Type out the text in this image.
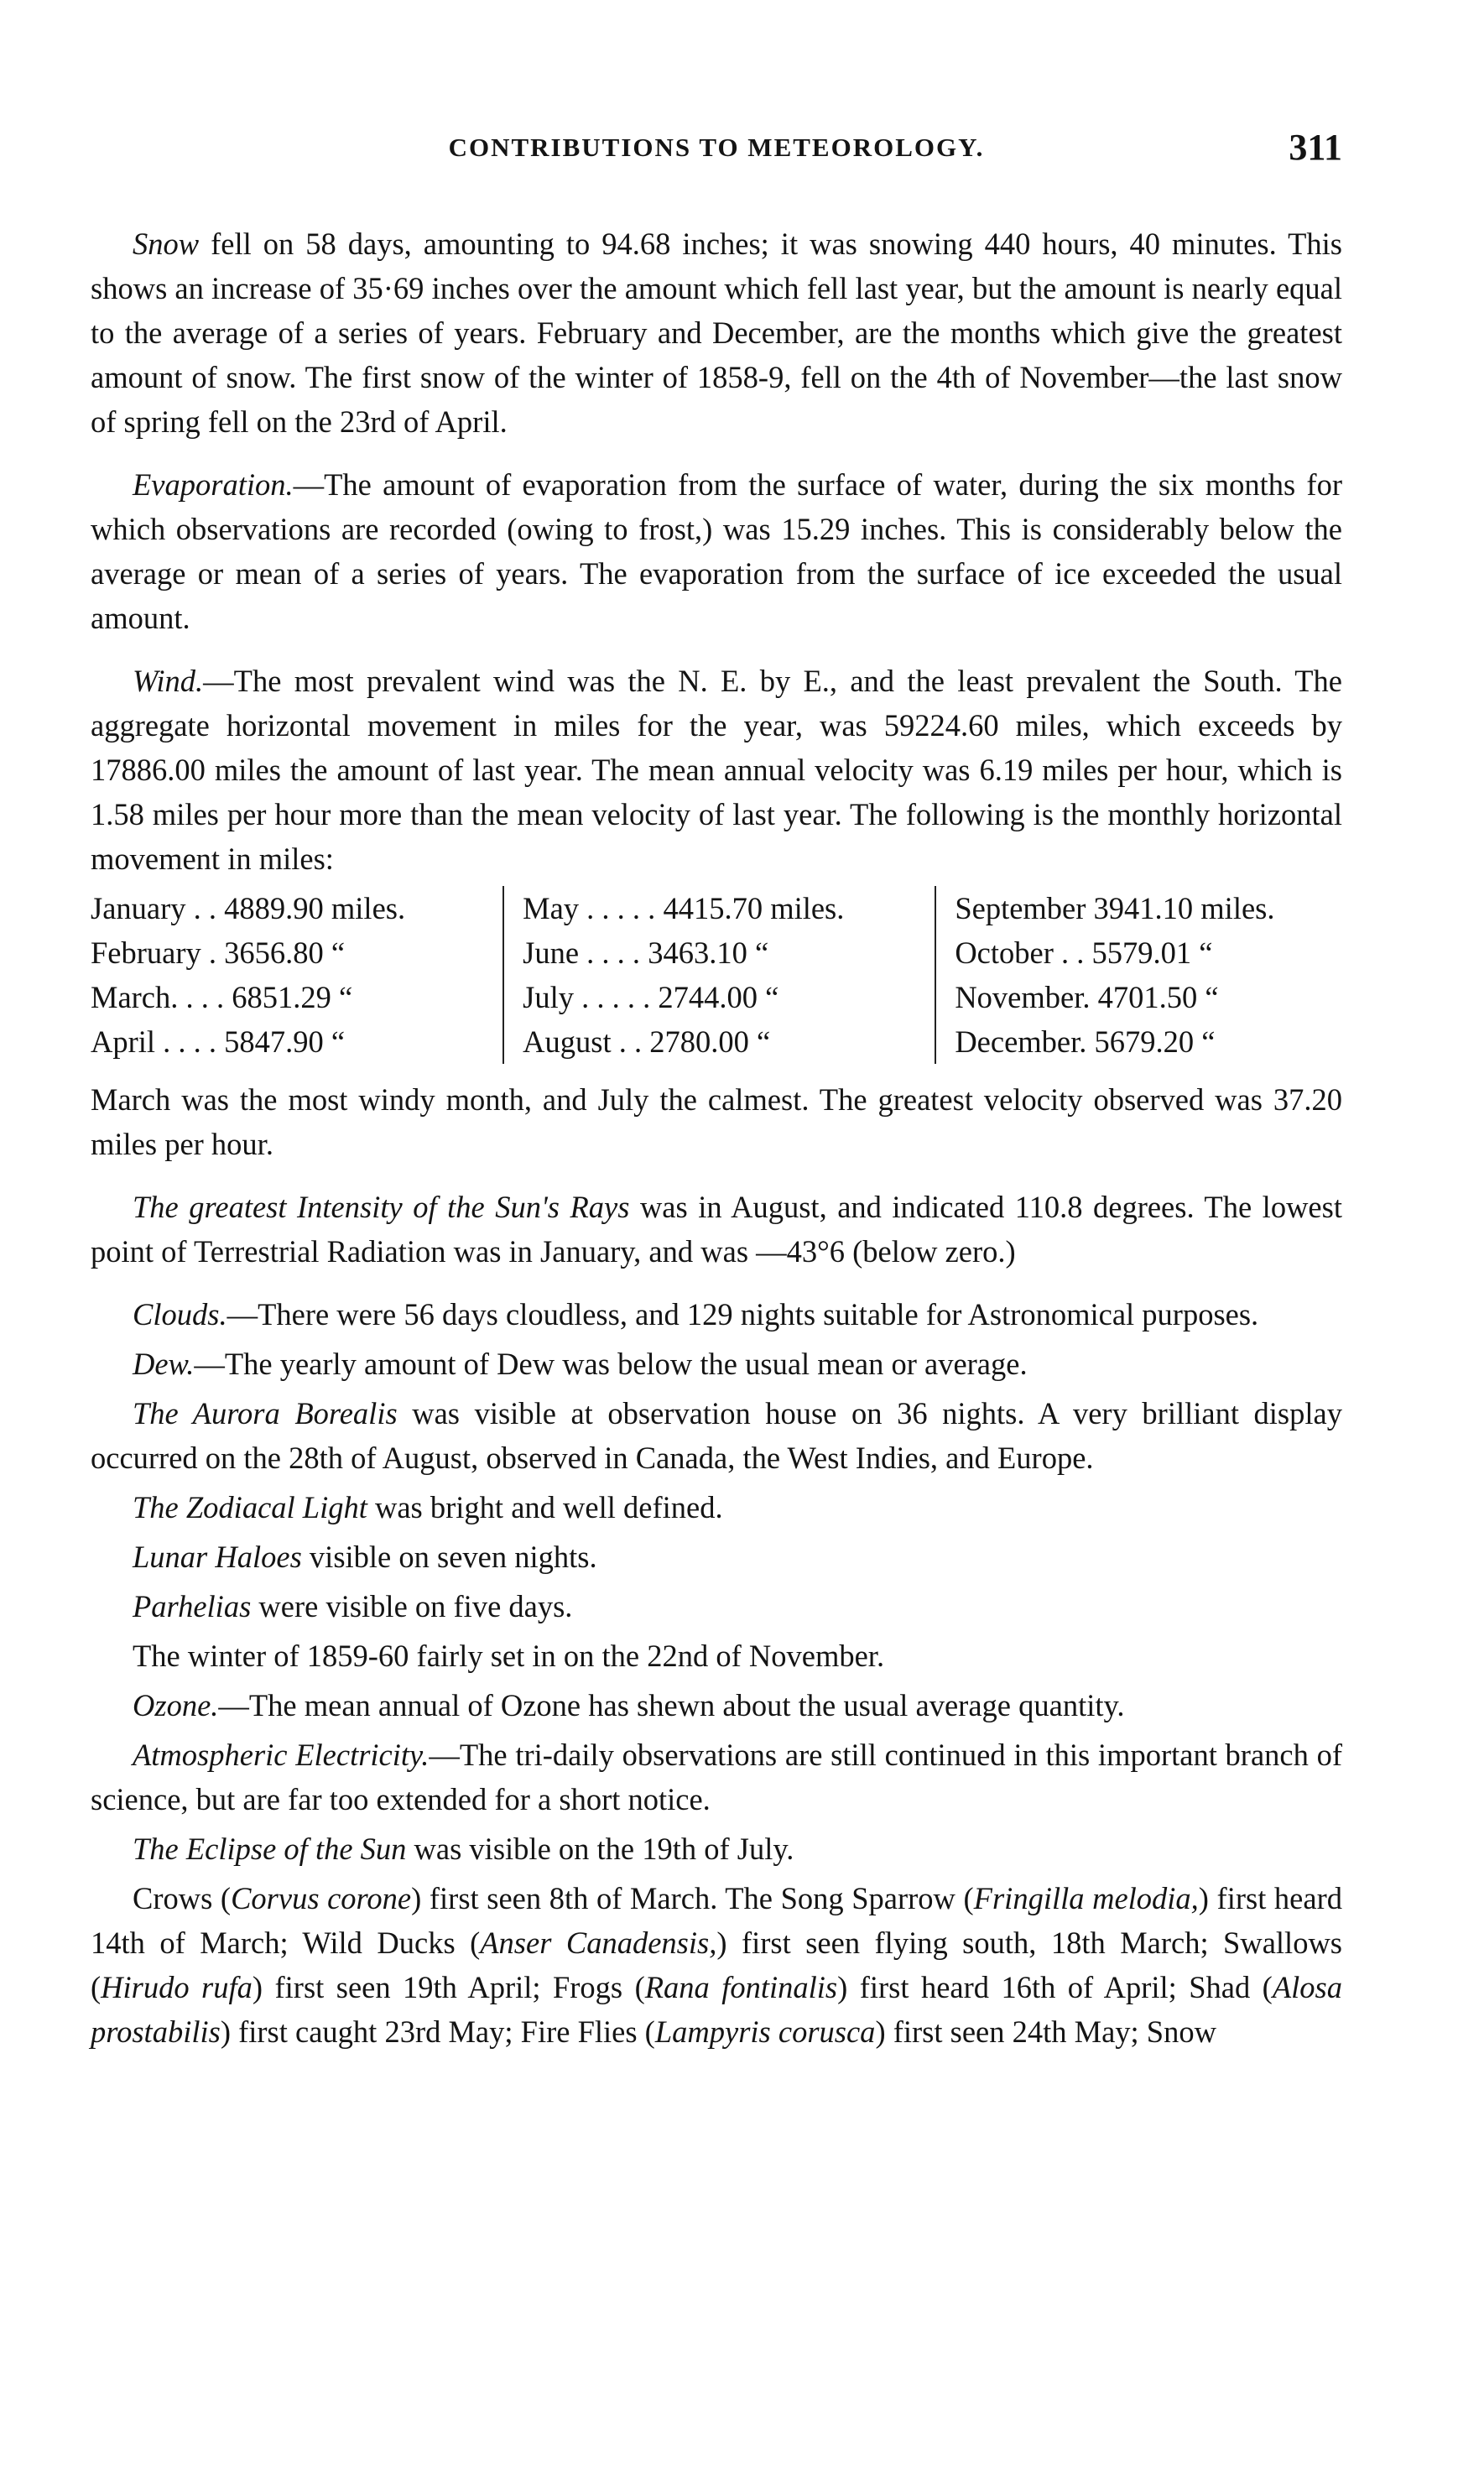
CONTRIBUTIONS TO METEOROLOGY.	311

Snow fell on 58 days, amounting to 94.68 inches; it was snowing 440 hours, 40 minutes. This shows an increase of 35·69 inches over the amount which fell last year, but the amount is nearly equal to the average of a series of years. February and December, are the months which give the greatest amount of snow. The first snow of the winter of 1858-9, fell on the 4th of November—the last snow of spring fell on the 23rd of April.

Evaporation.—The amount of evaporation from the surface of water, during the six months for which observations are recorded (owing to frost,) was 15.29 inches. This is considerably below the average or mean of a series of years. The evaporation from the surface of ice exceeded the usual amount.

Wind.—The most prevalent wind was the N. E. by E., and the least prevalent the South. The aggregate horizontal movement in miles for the year, was 59224.60 miles, which exceeds by 17886.00 miles the amount of last year. The mean annual velocity was 6.19 miles per hour, which is 1.58 miles per hour more than the mean velocity of last year. The following is the monthly horizontal movement in miles:

January . . 4889.90 miles.
February . 3656.80 “
March. . . . 6851.29 “
April . . . . 5847.90 “
May . . . . . 4415.70 miles.
June . . . . 3463.10 “
July . . . . . 2744.00 “
August . . 2780.00 “
September 3941.10 miles.
October . . 5579.01 “
November. 4701.50 “
December. 5679.20 “

March was the most windy month, and July the calmest. The greatest velocity observed was 37.20 miles per hour.

The greatest Intensity of the Sun's Rays was in August, and indicated 110.8 degrees. The lowest point of Terrestrial Radiation was in January, and was —43°6 (below zero.)

Clouds.—There were 56 days cloudless, and 129 nights suitable for Astronomical purposes.

Dew.—The yearly amount of Dew was below the usual mean or average.

The Aurora Borealis was visible at observation house on 36 nights. A very brilliant display occurred on the 28th of August, observed in Canada, the West Indies, and Europe.

The Zodiacal Light was bright and well defined.

Lunar Haloes visible on seven nights.

Parhelias were visible on five days.

The winter of 1859-60 fairly set in on the 22nd of November.

Ozone.—The mean annual of Ozone has shewn about the usual average quantity.

Atmospheric Electricity.—The tri-daily observations are still continued in this important branch of science, but are far too extended for a short notice.

The Eclipse of the Sun was visible on the 19th of July.

Crows (Corvus corone) first seen 8th of March. The Song Sparrow (Fringilla melodia,) first heard 14th of March; Wild Ducks (Anser Canadensis,) first seen flying south, 18th March; Swallows (Hirudo rufa) first seen 19th April; Frogs (Rana fontinalis) first heard 16th of April; Shad (Alosa prostabilis) first caught 23rd May; Fire Flies (Lampyris corusca) first seen 24th May; Snow
